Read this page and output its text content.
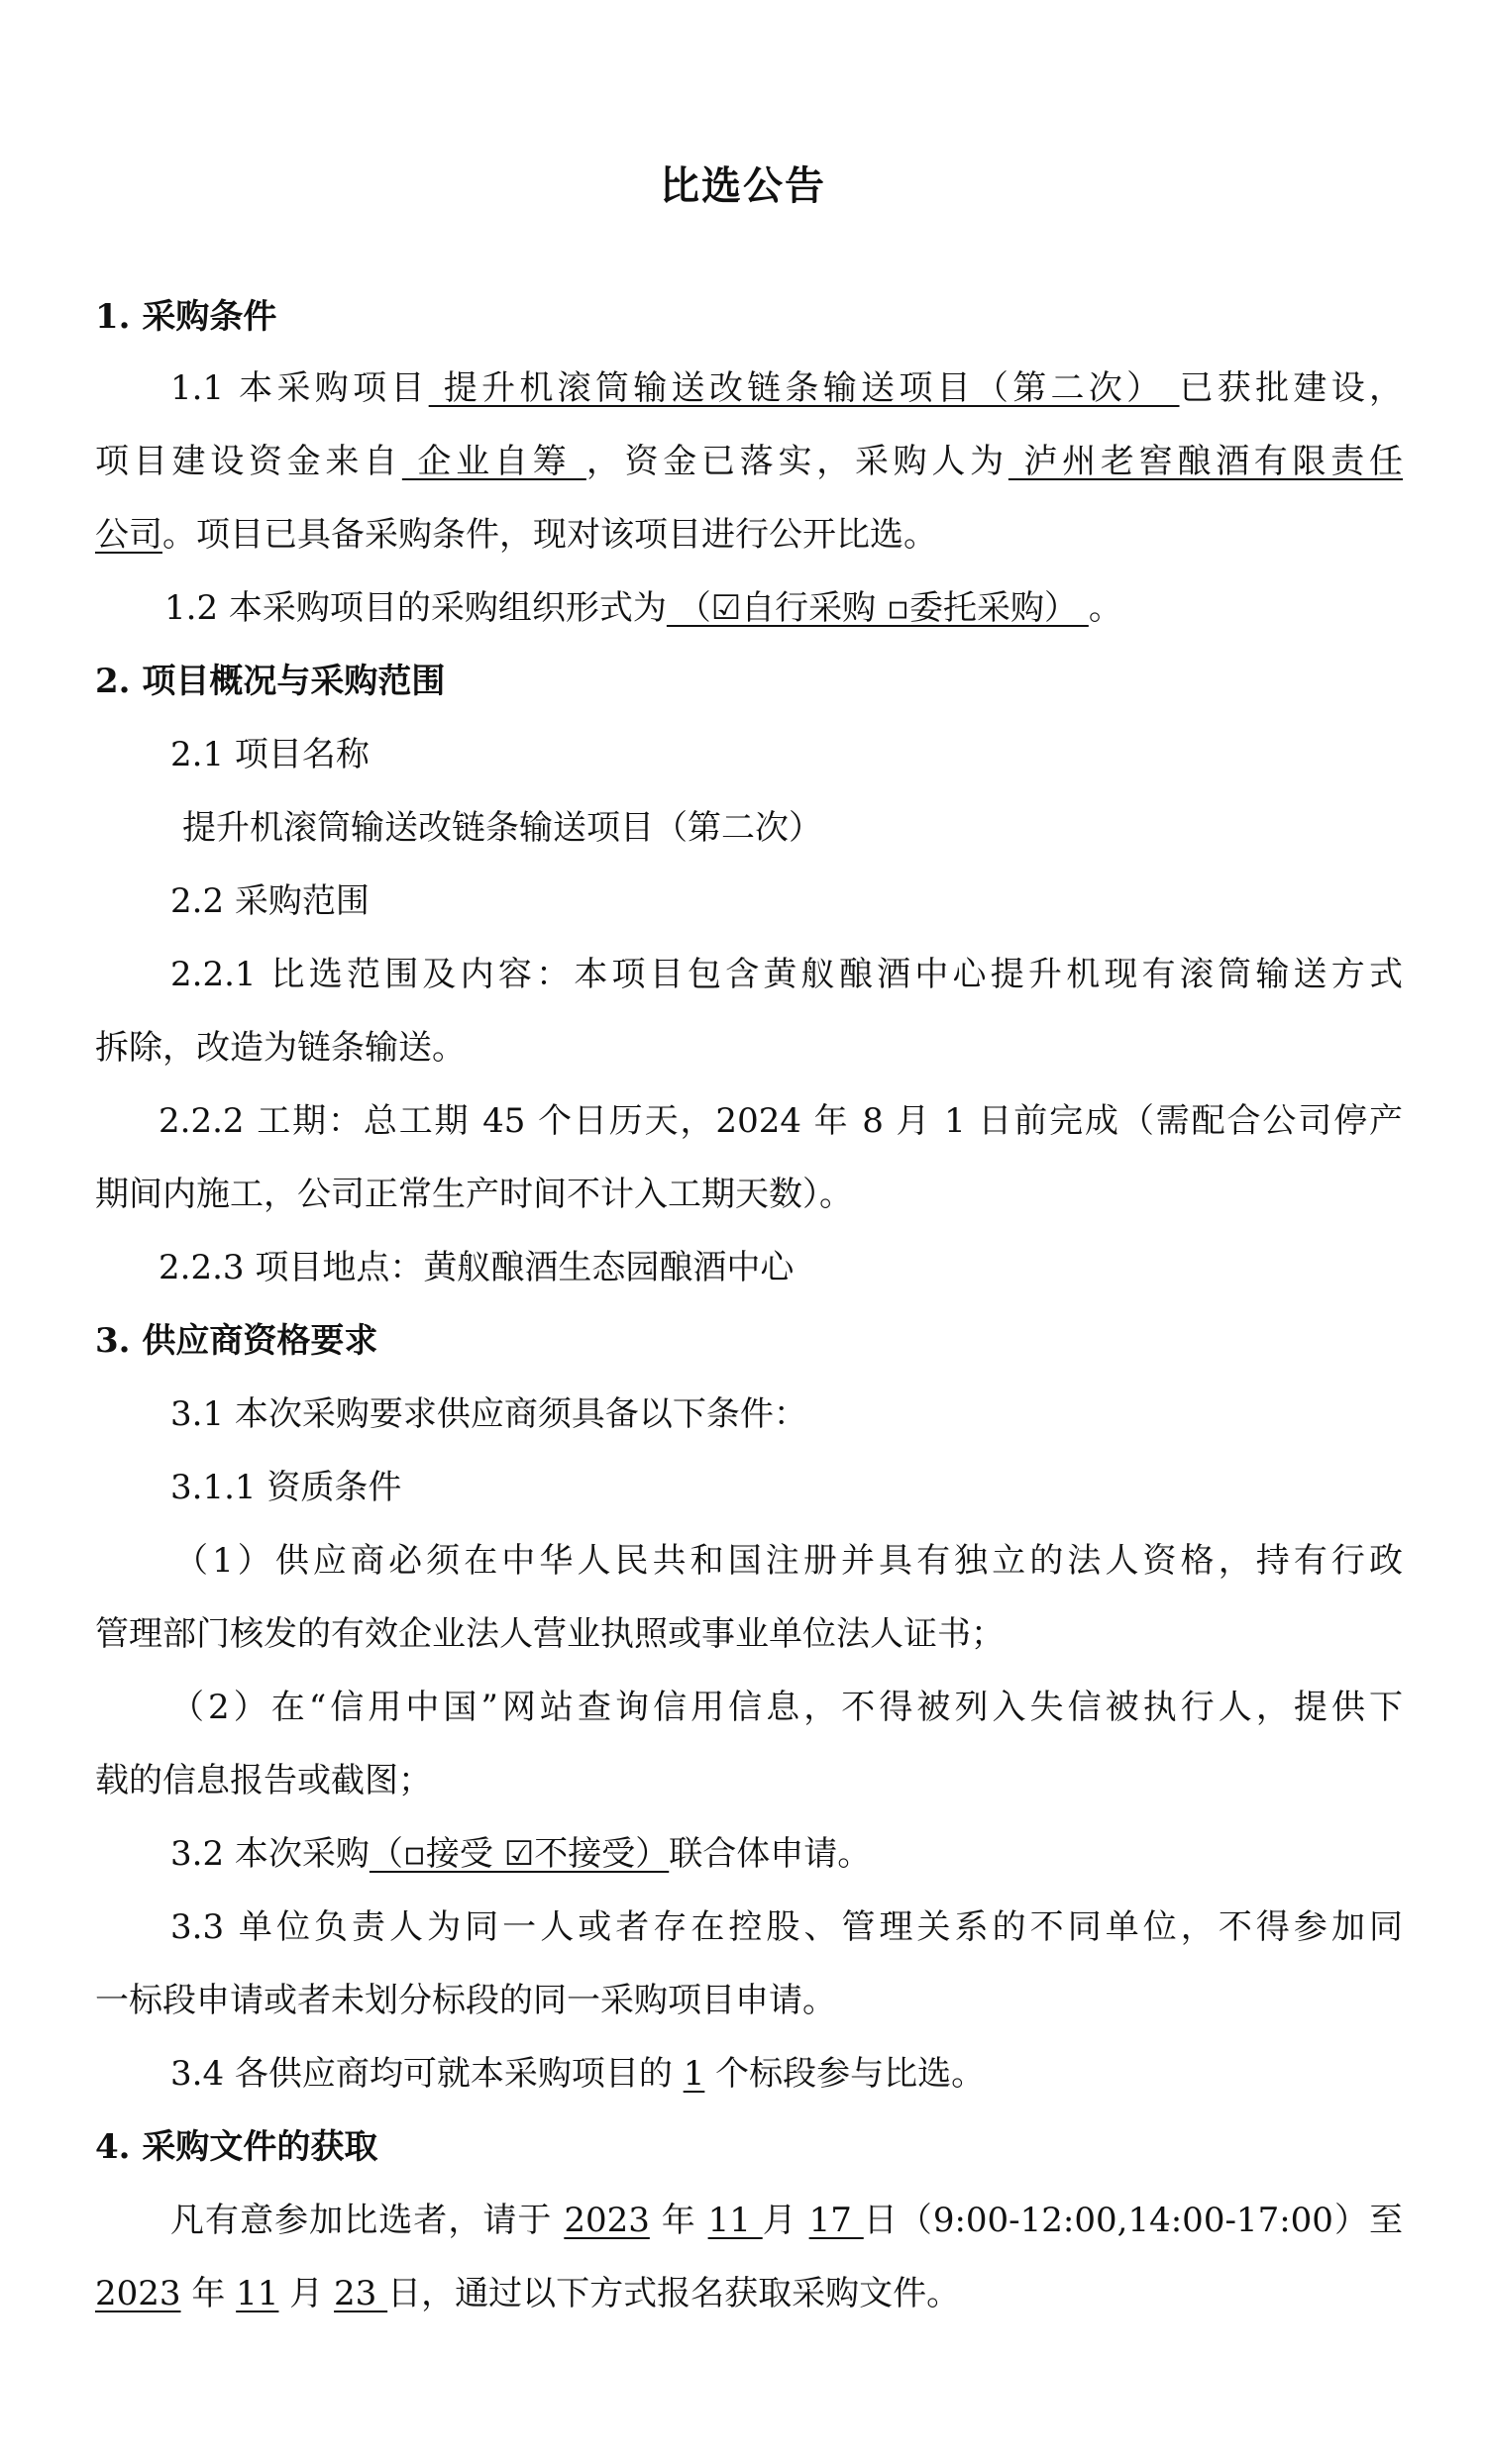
比选公告
1. 采购条件
1.1 本采购项目 提升机滚筒输送改链条输送项目（第二次） 已获批建设，
项目建设资金来自 企业自筹 ，资金已落实，采购人为 泸州老窖酿酒有限责任
公司。项目已具备采购条件，现对该项目进行公开比选。
1.2 本采购项目的采购组织形式为 （☑自行采购 ▫委托采购） 。
2. 项目概况与采购范围
2.1 项目名称
提升机滚筒输送改链条输送项目（第二次）
2.2 采购范围
2.2.1 比选范围及内容：本项目包含黄舣酿酒中心提升机现有滚筒输送方式
拆除，改造为链条输送。
2.2.2 工期：总工期 45 个日历天，2024 年 8 月 1 日前完成（需配合公司停产
期间内施工，公司正常生产时间不计入工期天数）。
2.2.3 项目地点：黄舣酿酒生态园酿酒中心
3. 供应商资格要求
3.1 本次采购要求供应商须具备以下条件：
3.1.1 资质条件
（1）供应商必须在中华人民共和国注册并具有独立的法人资格，持有行政
管理部门核发的有效企业法人营业执照或事业单位法人证书；
（2）在“信用中国”网站查询信用信息，不得被列入失信被执行人，提供下
载的信息报告或截图；
3.2 本次采购（▫接受 ☑不接受）联合体申请。
3.3 单位负责人为同一人或者存在控股、管理关系的不同单位，不得参加同
一标段申请或者未划分标段的同一采购项目申请。
3.4 各供应商均可就本采购项目的 1 个标段参与比选。
4. 采购文件的获取
凡有意参加比选者，请于 2023 年 11 月 17 日（9:00-12:00,14:00-17:00）至
2023 年 11 月 23 日，通过以下方式报名获取采购文件。
